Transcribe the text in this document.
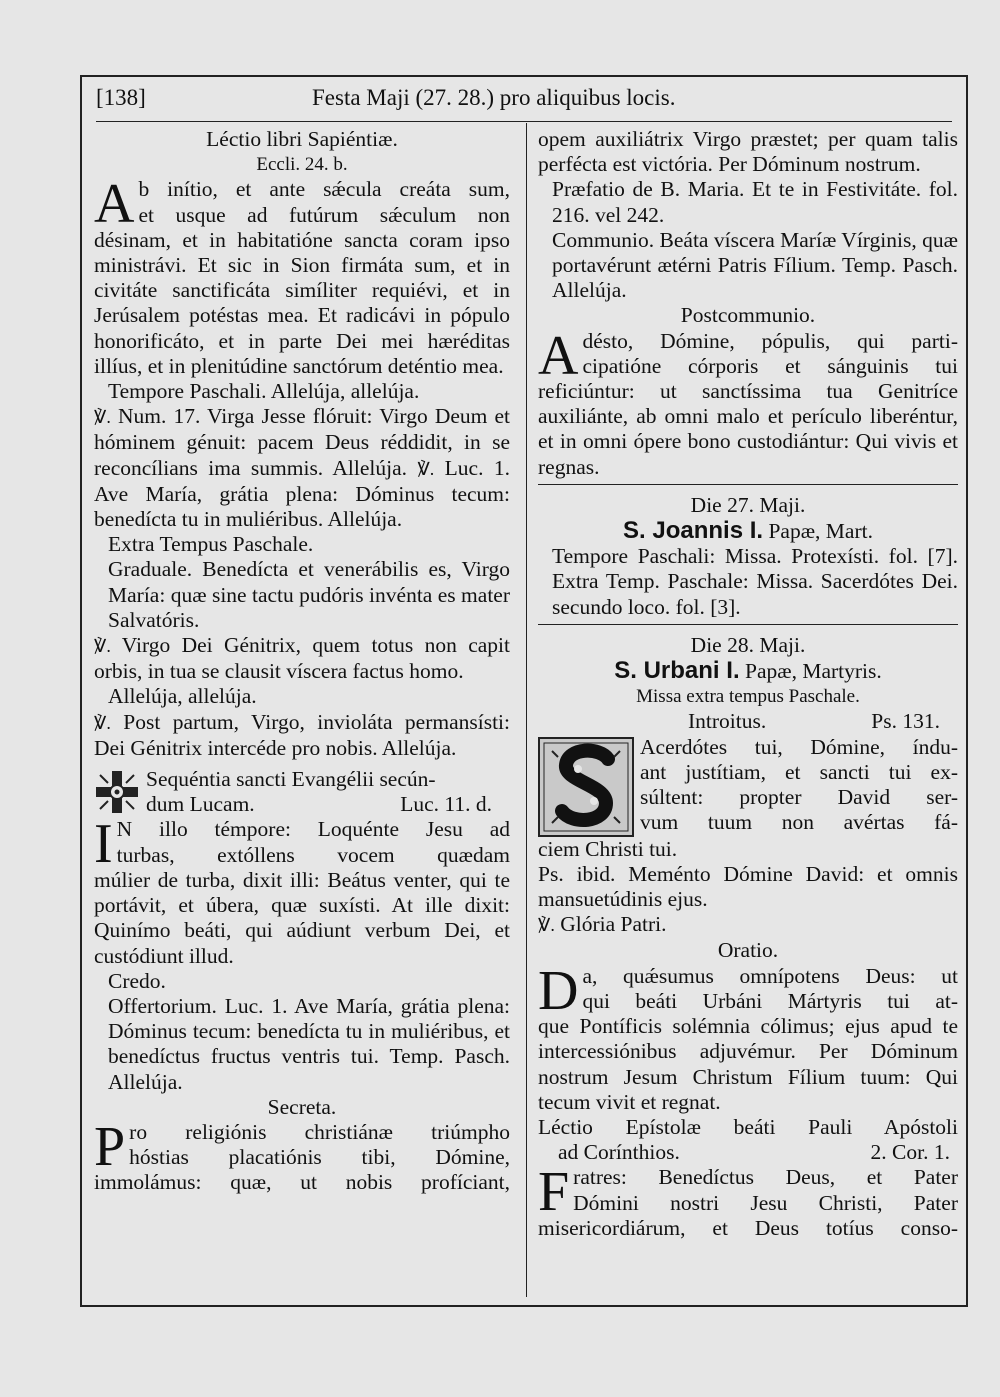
[138]	Festa Maji (27. 28.) pro aliquibus locis.

Léctio libri Sapiéntiæ.

Eccli. 24. b.

A b inítio, et ante sǽcula creáta sum,

et usque ad futúrum sǽculum non

désinam, et in habitatióne sancta coram ipso ministrávi. Et sic in Sion firmáta sum, et in civitáte sanctificáta simíliter requiévi, et in Jerúsalem potéstas mea. Et radicávi in pópulo honorificáto, et in parte Dei mei hæréditas illíus, et in plenitúdine sanctórum deténtio mea.

Tempore Paschali. Allelúja, allelúja.

℣. Num. 17. Virga Jesse flóruit: Virgo Deum et hóminem génuit: pacem Deus réddidit, in se reconcílians ima summis. Allelúja. ℣. Luc. 1. Ave María, grátia plena: Dóminus tecum: benedícta tu in muliéribus. Allelúja.

Extra Tempus Paschale.

Graduale. Benedícta et venerábilis es, Virgo María: quæ sine tactu pudóris invénta es mater Salvatóris.

℣. Virgo Dei Génitrix, quem totus non capit orbis, in tua se clausit víscera factus homo.

Allelúja, allelúja.

℣. Post partum, Virgo, invioláta permansísti: Dei Génitrix intercéde pro nobis. Allelúja.

Sequéntia sancti Evangélii secún-

dum Lucam.	Luc. 11. d.
I N illo témpore: Loquénte Jesu ad

turbas, extóllens vocem quædam

múlier de turba, dixit illi: Beátus venter, qui te portávit, et úbera, quæ suxísti. At ille dixit: Quinímo beáti, qui aúdiunt verbum Dei, et custódiunt illud.

Credo.

Offertorium. Luc. 1. Ave María, grátia plena: Dóminus tecum: benedícta tu in muliéribus, et benedíctus fructus ventris tui. Temp. Pasch. Allelúja.

Secreta.

P ro religiónis christiánæ triúmpho

hóstias placatiónis tibi, Dómine,

immolámus: quæ, ut nobis profíciant,

opem auxiliátrix Virgo præstet; per quam talis perfécta est victória. Per Dóminum nostrum.

Præfatio de B. Maria. Et te in Festivitáte. fol. 216. vel 242.

Communio. Beáta víscera Maríæ Vírginis, quæ portavérunt ætérni Patris Fílium. Temp. Pasch. Allelúja.

Postcommunio.

A désto, Dómine, pópulis, qui parti-

cipatióne córporis et sánguinis tui

reficiúntur: ut sanctíssima tua Genitríce auxiliánte, ab omni malo et perículo liberéntur, et in omni ópere bono custodiántur: Qui vivis et regnas.

Die 27. Maji.

S. Joannis I. Papæ, Mart.

Tempore Paschali: Missa. Protexísti. fol. [7]. Extra Temp. Paschale: Missa. Sacerdótes Dei. secundo loco. fol. [3].

Die 28. Maji.

S. Urbani I. Papæ, Martyris.

Missa extra tempus Paschale.

Introitus.	Ps. 131.

Acerdótes tui, Dómine, índu-

ant justítiam, et sancti tui ex-

súltent: propter David ser-

vum tuum non avértas fá-

ciem Christi tui.

Ps. ibid. Meménto Dómine David: et omnis mansuetúdinis ejus.

℣. Glória Patri.

Oratio.

D a, quǽsumus omnípotens Deus: ut

qui beáti Urbáni Mártyris tui at-

que Pontíficis solémnia cólimus; ejus apud te intercessiónibus adjuvémur. Per Dóminum nostrum Jesum Christum Fílium tuum: Qui tecum vivit et regnat.

Léctio Epístolæ beáti Pauli Apóstoli

ad Corínthios.	2. Cor. 1.
F ratres: Benedíctus Deus, et Pater

Dómini nostri Jesu Christi, Pater

misericordiárum, et Deus totíus conso-
